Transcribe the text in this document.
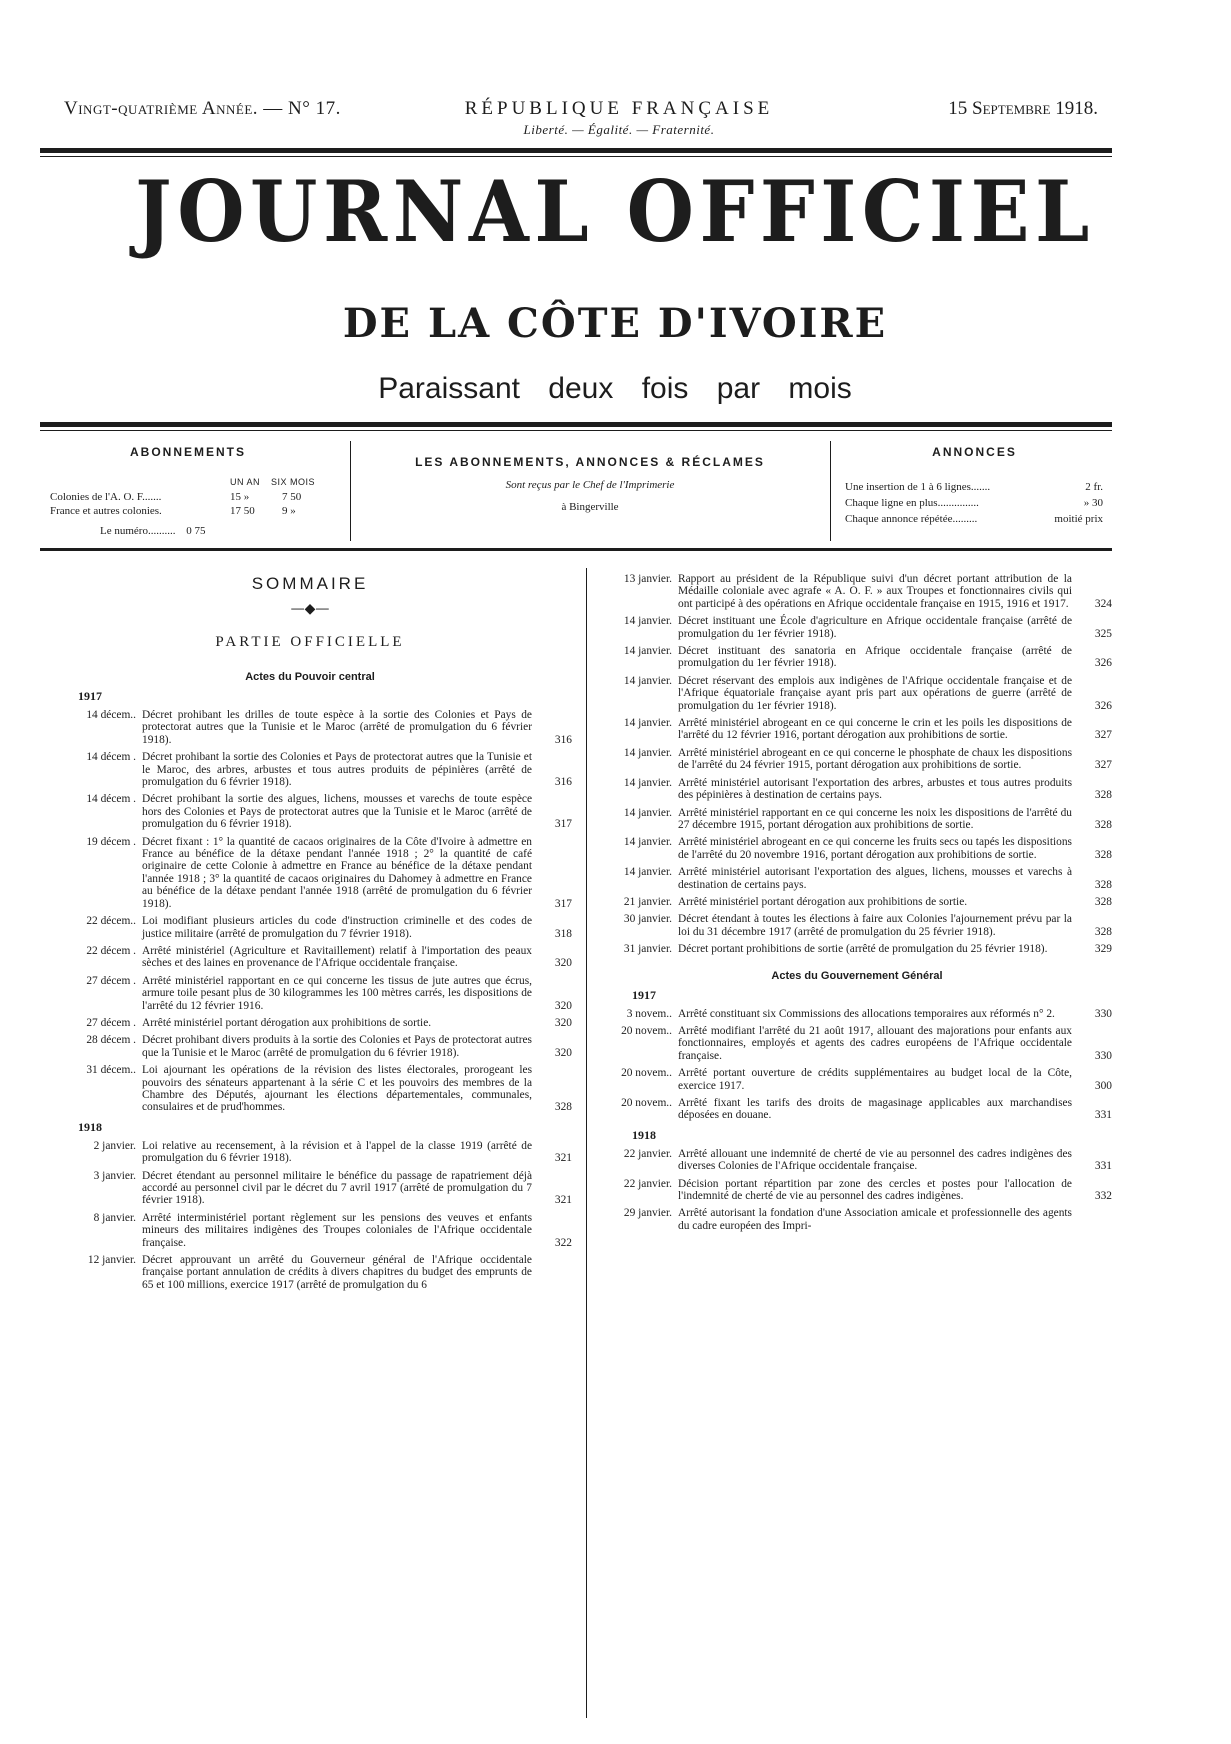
Vingt-quatrième Année. — N° 17.	RÉPUBLIQUE FRANÇAISE
Liberté. — Égalité. — Fraternité.
15 Septembre 1918.
JOURNAL OFFICIEL
DE LA CÔTE D'IVOIRE
Paraissant deux fois par mois
ABONNEMENTS
UN AN SIX MOIS
Colonies de l'A. O. F.......	15 »	7 50
France et autres colonies.	17 50 9 »
Le numéro.......... 0 75
LES ABONNEMENTS, ANNONCES & RÉCLAMES
Sont reçus par le Chef de l'Imprimerie
à Bingerville
ANNONCES
Une insertion de 1 à 6 lignes.......	2 fr.
Chaque ligne en plus...............	» 30
Chaque annonce répétée.........	moitié prix
SOMMAIRE
—◆—
PARTIE OFFICIELLE
Actes du Pouvoir central
1917
14 décem.. Décret prohibant les drilles de toute espèce à la sortie des Colonies et Pays de protectorat autres que la Tunisie et le Maroc (arrêté de promulgation du 6 février 1918).	316
14 décem . Décret prohibant la sortie des Colonies et Pays de protectorat autres que la Tunisie et le Maroc, des arbres, arbustes et tous autres produits de pépinières (arrêté de promulgation du 6 février 1918).	316
14 décem . Décret prohibant la sortie des algues, lichens, mousses et varechs de toute espèce hors des Colonies et Pays de protectorat autres que la Tunisie et le Maroc (arrêté de promulgation du 6 février 1918).	317
19 décem . Décret fixant : 1° la quantité de cacaos originaires de la Côte d'Ivoire à admettre en France au bénéfice de la détaxe pendant l'année 1918 ; 2° la quantité de café originaire de cette Colonie à admettre en France au bénéfice de la détaxe pendant l'année 1918 ; 3° la quantité de cacaos originaires du Dahomey à admettre en France au bénéfice de la détaxe pendant l'année 1918 (arrêté de promulgation du 6 février 1918).	317
22 décem.. Loi modifiant plusieurs articles du code d'instruction criminelle et des codes de justice militaire (arrêté de promulgation du 7 février 1918).	318
22 décem . Arrêté ministériel (Agriculture et Ravitaillement) relatif à l'importation des peaux sèches et des laines en provenance de l'Afrique occidentale française.	320
27 décem . Arrêté ministériel rapportant en ce qui concerne les tissus de jute autres que écrus, armure toile pesant plus de 30 kilogrammes les 100 mètres carrés, les dispositions de l'arrêté du 12 février 1916.	320
27 décem . Arrêté ministériel portant dérogation aux prohibitions de sortie.	320
28 décem . Décret prohibant divers produits à la sortie des Colonies et Pays de protectorat autres que la Tunisie et le Maroc (arrêté de promulgation du 6 février 1918).	320
31 décem.. Loi ajournant les opérations de la révision des listes électorales, prorogeant les pouvoirs des sénateurs appartenant à la série C et les pouvoirs des membres de la Chambre des Députés, ajournant les élections départementales, communales, consulaires et de prud'hommes.	328
1918
2 janvier. Loi relative au recensement, à la révision et à l'appel de la classe 1919 (arrêté de promulgation du 6 février 1918).	321
3 janvier. Décret étendant au personnel militaire le bénéfice du passage de rapatriement déjà accordé au personnel civil par le décret du 7 avril 1917 (arrêté de promulgation du 7 février 1918).	321
8 janvier. Arrêté interministériel portant règlement sur les pensions des veuves et enfants mineurs des militaires indigènes des Troupes coloniales de l'Afrique occidentale française.	322
12 janvier. Décret approuvant un arrêté du Gouverneur général de l'Afrique occidentale française portant annulation de crédits à divers chapitres du budget des emprunts de 65 et 100 millions, exercice 1917 (arrêté de promulgation du 6
13 janvier. Rapport au président de la République suivi d'un décret portant attribution de la Médaille coloniale avec agrafe « A. O. F. » aux Troupes et fonctionnaires civils qui ont participé à des opérations en Afrique occidentale française en 1915, 1916 et 1917.	324
14 janvier. Décret instituant une École d'agriculture en Afrique occidentale française (arrêté de promulgation du 1er février 1918).	325
14 janvier. Décret instituant des sanatoria en Afrique occidentale française (arrêté de promulgation du 1er février 1918).	326
14 janvier. Décret réservant des emplois aux indigènes de l'Afrique occidentale française et de l'Afrique équatoriale française ayant pris part aux opérations de guerre (arrêté de promulgation du 1er février 1918).	326
14 janvier. Arrêté ministériel abrogeant en ce qui concerne le crin et les poils les dispositions de l'arrêté du 12 février 1916, portant dérogation aux prohibitions de sortie.	327
14 janvier. Arrêté ministériel abrogeant en ce qui concerne le phosphate de chaux les dispositions de l'arrêté du 24 février 1915, portant dérogation aux prohibitions de sortie.	327
14 janvier. Arrêté ministériel autorisant l'exportation des arbres, arbustes et tous autres produits des pépinières à destination de certains pays.	328
14 janvier. Arrêté ministériel rapportant en ce qui concerne les noix les dispositions de l'arrêté du 27 décembre 1915, portant dérogation aux prohibitions de sortie.	328
14 janvier. Arrêté ministériel abrogeant en ce qui concerne les fruits secs ou tapés les dispositions de l'arrêté du 20 novembre 1916, portant dérogation aux prohibitions de sortie.	328
14 janvier. Arrêté ministériel autorisant l'exportation des algues, lichens, mousses et varechs à destination de certains pays.	328
21 janvier. Arrêté ministériel portant dérogation aux prohibitions de sortie.	328
30 janvier. Décret étendant à toutes les élections à faire aux Colonies l'ajournement prévu par la loi du 31 décembre 1917 (arrêté de promulgation du 25 février 1918).	328
31 janvier. Décret portant prohibitions de sortie (arrêté de promulgation du 25 février 1918).	329
Actes du Gouvernement Général
1917
3 novem.. Arrêté constituant six Commissions des allocations temporaires aux réformés n° 2.	330
20 novem.. Arrêté modifiant l'arrêté du 21 août 1917, allouant des majorations pour enfants aux fonctionnaires, employés et agents des cadres européens de l'Afrique occidentale française.	330
20 novem.. Arrêté portant ouverture de crédits supplémentaires au budget local de la Côte, exercice 1917.	300
20 novem.. Arrêté fixant les tarifs des droits de magasinage applicables aux marchandises déposées en douane.	331
1918
22 janvier. Arrêté allouant une indemnité de cherté de vie au personnel des cadres indigènes des diverses Colonies de l'Afrique occidentale française.	331
22 janvier. Décision portant répartition par zone des cercles et postes pour l'allocation de l'indemnité de cherté de vie au personnel des cadres indigènes.	332
29 janvier. Arrêté autorisant la fondation d'une Association amicale et professionnelle des agents du cadre européen des Impri-
